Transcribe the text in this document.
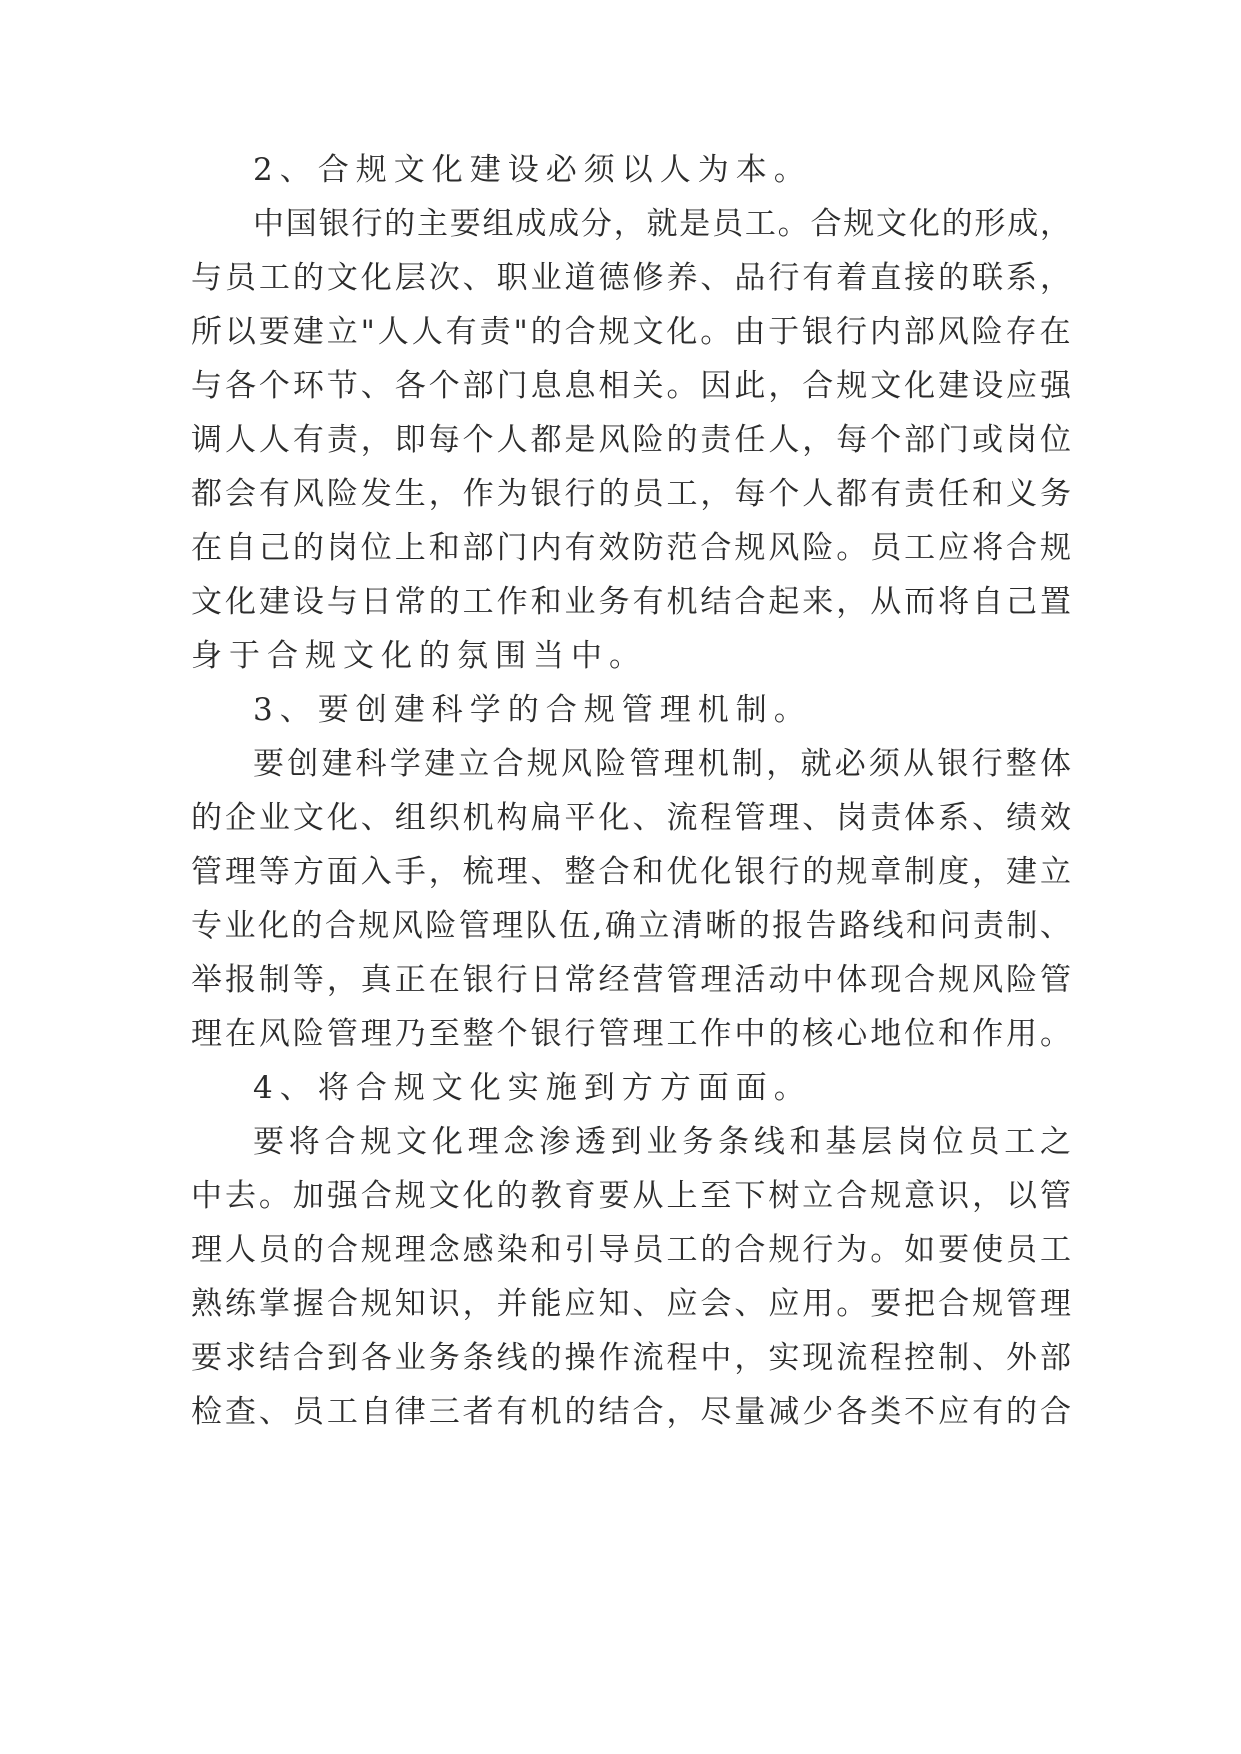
2、合规文化建设必须以人为本。
中国银行的主要组成成分，就是员工。合规文化的形成，
与员工的文化层次、职业道德修养、品行有着直接的联系，
所以要建立"人人有责"的合规文化。由于银行内部风险存在
与各个环节、各个部门息息相关。因此，合规文化建设应强
调人人有责，即每个人都是风险的责任人，每个部门或岗位
都会有风险发生，作为银行的员工，每个人都有责任和义务
在自己的岗位上和部门内有效防范合规风险。员工应将合规
文化建设与日常的工作和业务有机结合起来，从而将自己置
身于合规文化的氛围当中。
3、要创建科学的合规管理机制。
要创建科学建立合规风险管理机制，就必须从银行整体
的企业文化、组织机构扁平化、流程管理、岗责体系、绩效
管理等方面入手，梳理、整合和优化银行的规章制度，建立
专业化的合规风险管理队伍,确立清晰的报告路线和问责制、
举报制等，真正在银行日常经营管理活动中体现合规风险管
理在风险管理乃至整个银行管理工作中的核心地位和作用。
4、将合规文化实施到方方面面。
要将合规文化理念渗透到业务条线和基层岗位员工之
中去。加强合规文化的教育要从上至下树立合规意识，以管
理人员的合规理念感染和引导员工的合规行为。如要使员工
熟练掌握合规知识，并能应知、应会、应用。要把合规管理
要求结合到各业务条线的操作流程中，实现流程控制、外部
检查、员工自律三者有机的结合，尽量减少各类不应有的合
